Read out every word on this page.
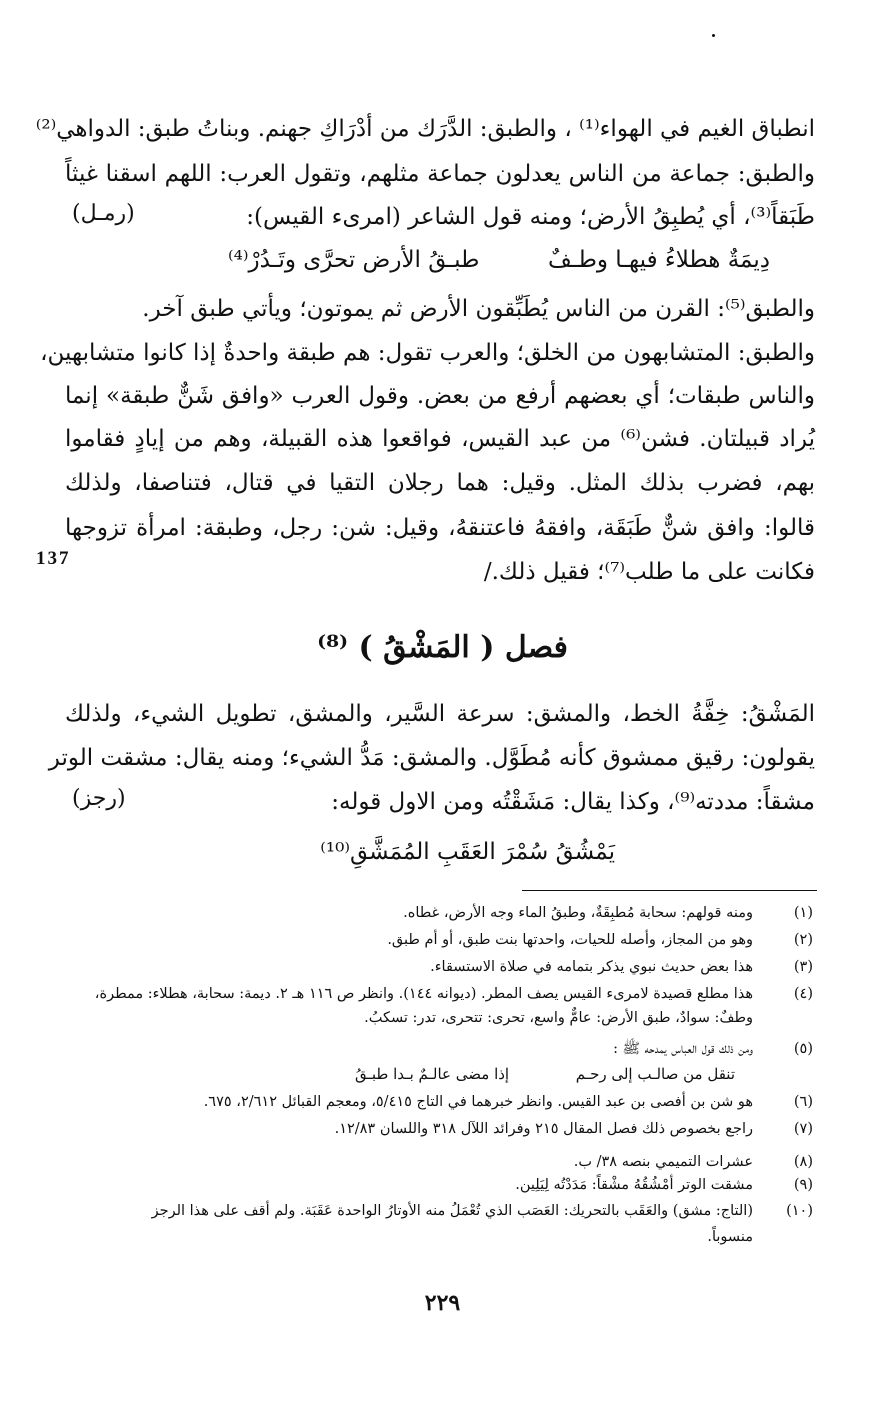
انطباق الغيم في الهواء⁽¹⁾ ، والطبق: الدَّرَك من أدْرَاكِ جهنم. وبناتُ طبق: الدواهي⁽²⁾
والطبق: جماعة من الناس يعدلون جماعة مثلهم، وتقول العرب: اللهم اسقنا غيثاً
طَبَقاً⁽³⁾، أي يُطبِقُ الأرض؛ ومنه قول الشاعر (امرىء القيس):
(رمـل)
دِيمَةٌ هطلاءُ فيهـا وطـفٌ
طبـقُ الأرض تحرَّى وتَـدُرْ⁽⁴⁾
والطبق⁽⁵⁾: القرن من الناس يُطَبِّقون الأرض ثم يموتون؛ ويأتي طبق آخر.
والطبق: المتشابهون من الخلق؛ والعرب تقول: هم طبقة واحدةٌ إذا كانوا متشابهين،
والناس طبقات؛ أي بعضهم أرفع من بعض. وقول العرب «وافق شَنٌّ طبقة» إنما
يُراد قبيلتان. فشن⁽⁶⁾ من عبد القيس، فواقعوا هذه القبيلة، وهم من إيادٍ فقاموا
بهم، فضرب بذلك المثل. وقيل: هما رجلان التقيا في قتال، فتناصفا، ولذلك
قالوا: وافق شنٌّ طَبَقَة، وافقهُ فاعتنقهُ، وقيل: شن: رجل، وطبقة: امرأة تزوجها
فكانت على ما طلب⁽⁷⁾؛ فقيل ذلك./
137
فصل ( المَشْقُ ) ⁽⁸⁾
المَشْقُ: خِفَّةُ الخط، والمشق: سرعة السَّير، والمشق، تطويل الشيء، ولذلك
يقولون: رقيق ممشوق كأنه مُطَوَّل. والمشق: مَدُّ الشيء؛ ومنه يقال: مشقت الوتر
مشقاً: مددته⁽⁹⁾، وكذا يقال: مَشَقْتُه ومن الاول قوله:
(رجز)
يَمْشُقُ سُمْرَ العَقَبِ المُمَشَّقِ⁽¹⁰⁾
(١)ومنه قولهم: سحابة مُطبِقَةٌ، وطبقُ الماء وجه الأرض، غطاه.
(٢)وهو من المجاز، وأصله للحيات، واحدتها بنت طبق، أو أم طبق.
(٣)هذا بعض حديث نبوي يذكر بتمامه في صلاة الاستسقاء.
(٤)هذا مطلع قصيدة لامرىء القيس يصف المطر. (ديوانه ١٤٤). وانظر ص ١١٦ هـ ٢. ديمة: سحابة، هطلاء: ممطرة،
وطفٌ: سوادٌ، طبق الأرض: عامٌّ واسع، تحرى: تتحرى، تدر: تسكبُ.
(٥)ومن ذلك قول العباس يمدحه ﷺ :
تنقل من صالـب إلى رحـم
إذا مضى عالـمٌ بـدا طبـقُ
(٦)هو شن بن أفصى بن عبد القيس. وانظر خبرهما في التاج ٥/٤١٥، ومعجم القبائل ٢/٦١٢، ٦٧٥.
(٧)راجع بخصوص ذلك فصل المقال ٢١٥ وفرائد اللآل ٣١٨ واللسان ١٢/٨٣.
(٨)عشرات التميمي بنصه ٣٨/ ب.
(٩)مشقت الوتر أمْشُقُهُ مشْقاً: مَدَدْتُه لِيَلِين.
(١٠)(التاج: مشق) والعَقَب بالتحريك: العَصَب الذي تُعْمَلُ منه الأوتارُ الواحدة عَقَبَة. ولم أقف على هذا الرجز
منسوباً.
٢٢٩
